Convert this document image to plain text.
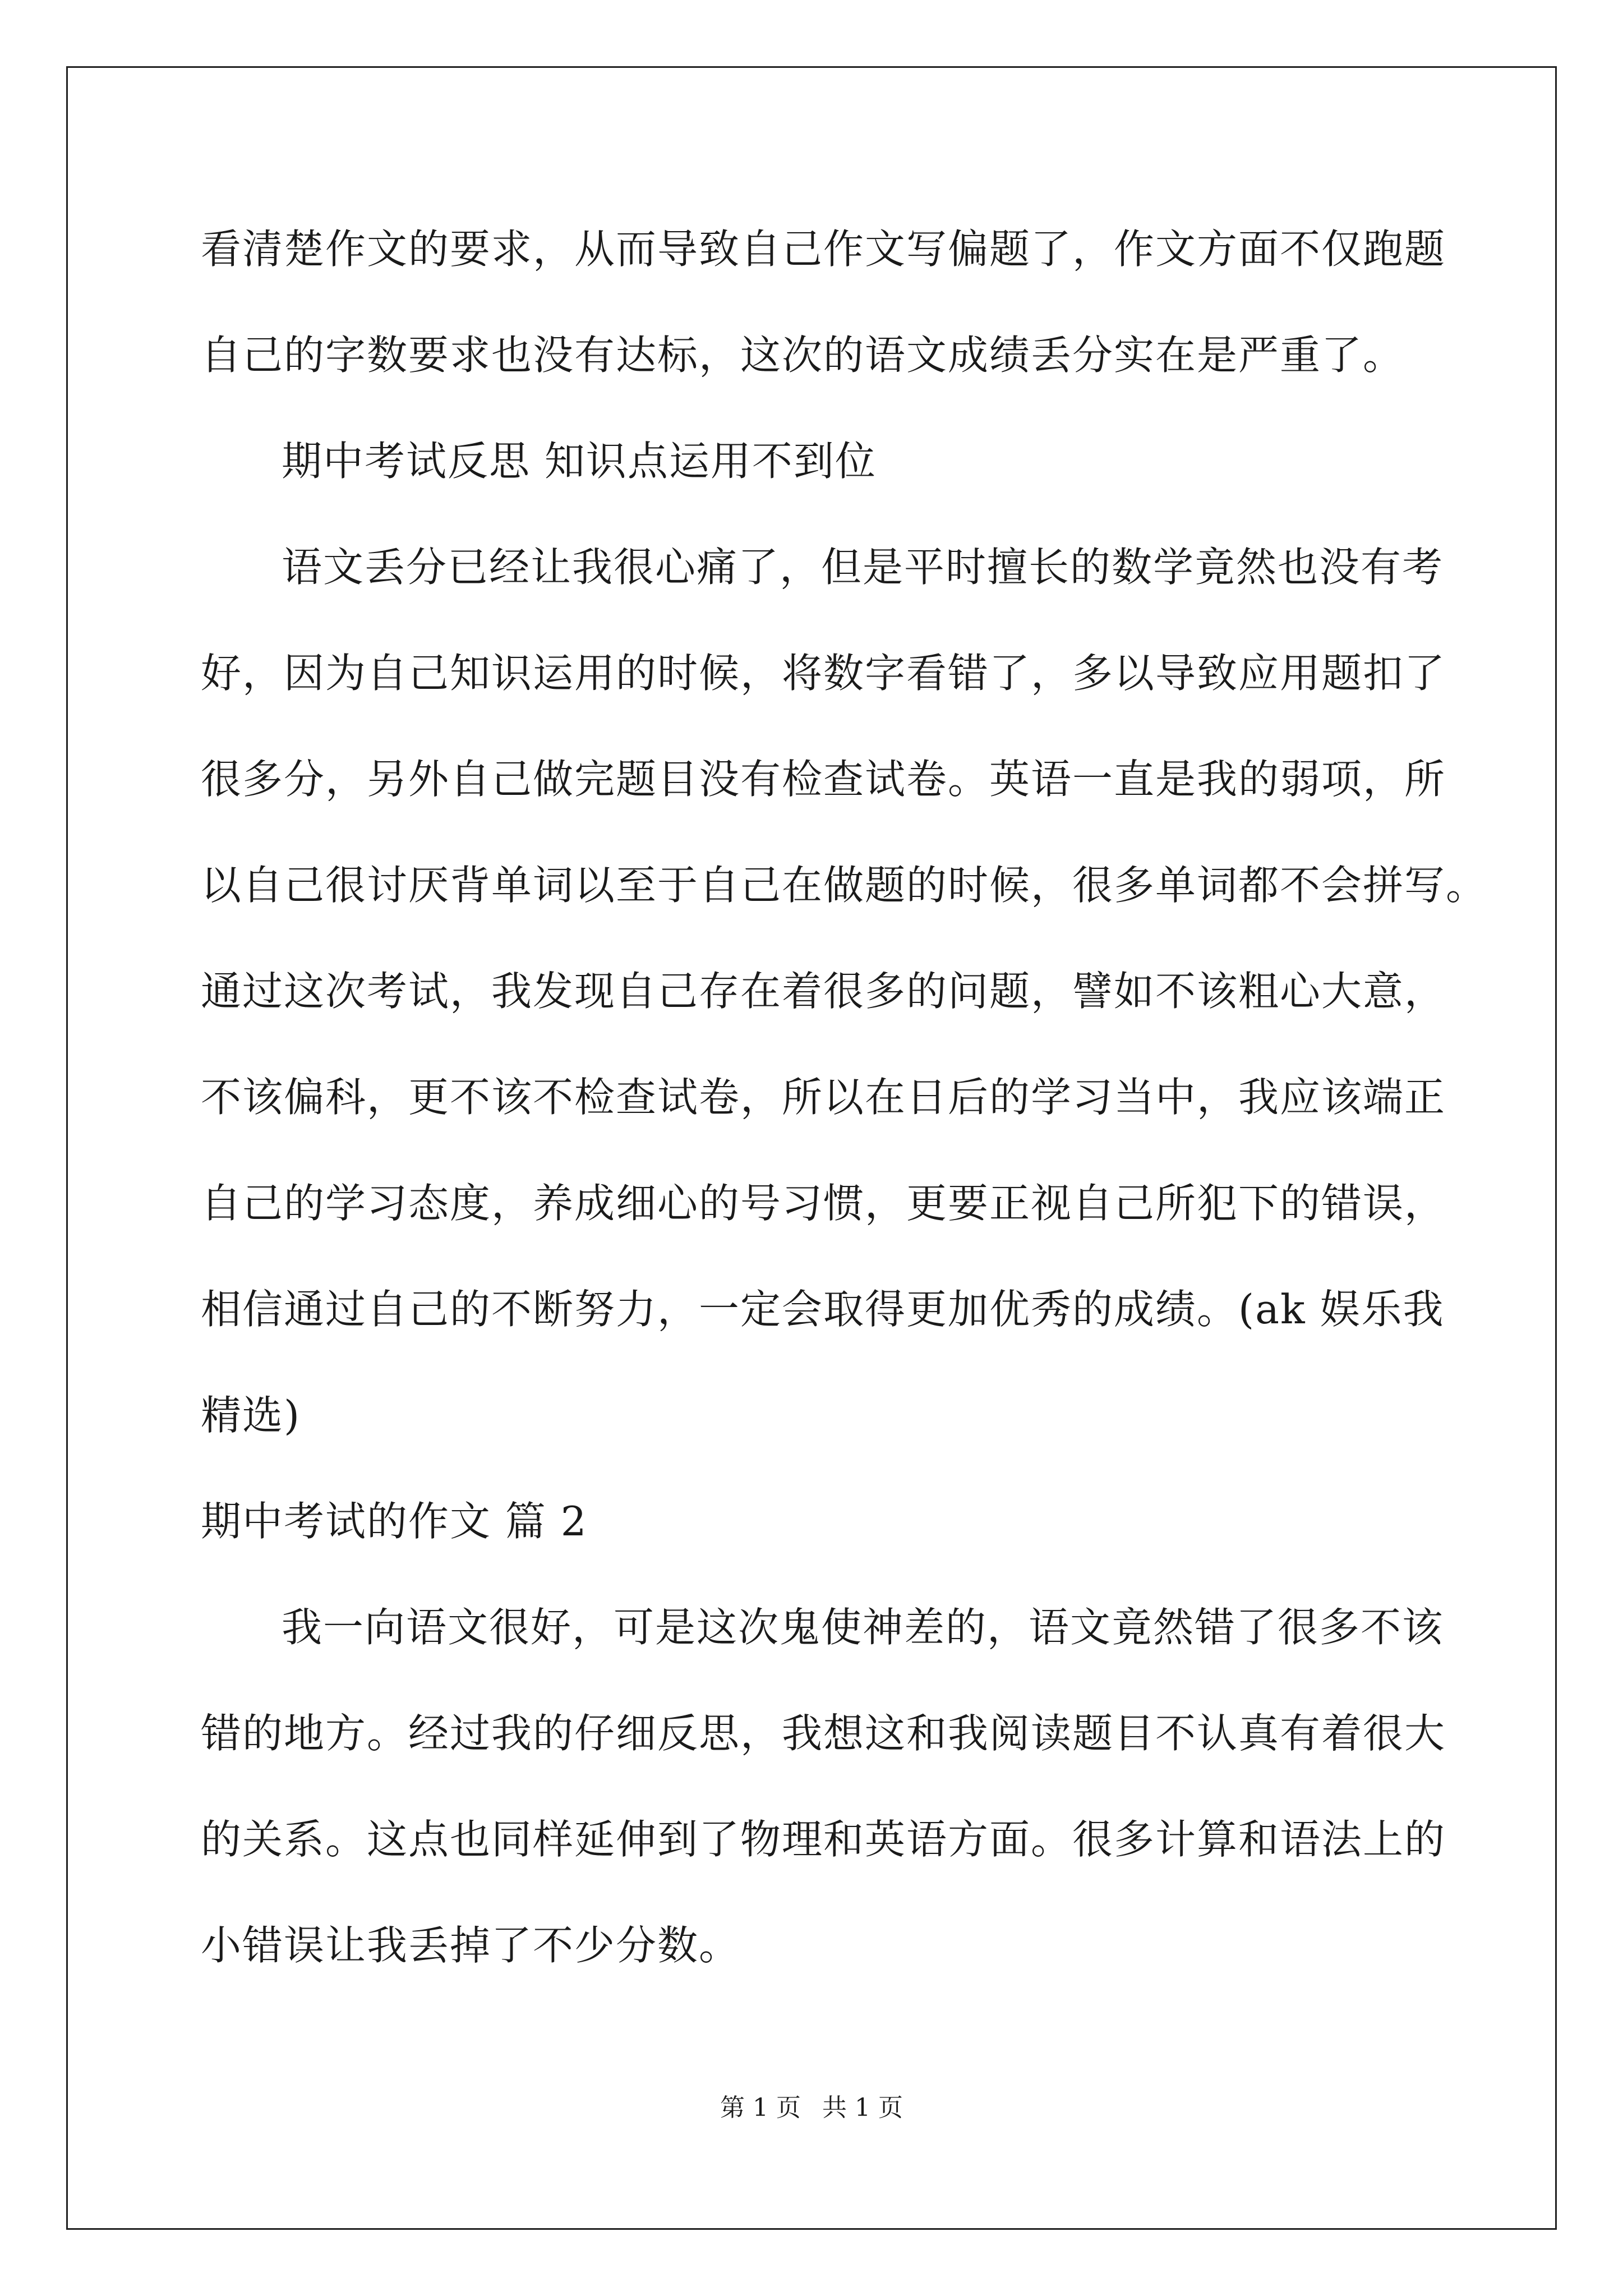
看清楚作文的要求，从而导致自己作文写偏题了，作文方面不仅跑题

自己的字数要求也没有达标，这次的语文成绩丢分实在是严重了。

期中考试反思 知识点运用不到位

语文丢分已经让我很心痛了，但是平时擅长的数学竟然也没有考

好，因为自己知识运用的时候，将数字看错了，多以导致应用题扣了

很多分，另外自己做完题目没有检查试卷。英语一直是我的弱项，所

以自己很讨厌背单词以至于自己在做题的时候，很多单词都不会拼写。

通过这次考试，我发现自己存在着很多的问题，譬如不该粗心大意，

不该偏科，更不该不检查试卷，所以在日后的学习当中，我应该端正

自己的学习态度，养成细心的号习惯，更要正视自己所犯下的错误，

相信通过自己的不断努力，一定会取得更加优秀的成绩。(ak 娱乐我

精选)

期中考试的作文 篇 2

我一向语文很好，可是这次鬼使神差的，语文竟然错了很多不该

错的地方。经过我的仔细反思，我想这和我阅读题目不认真有着很大

的关系。这点也同样延伸到了物理和英语方面。很多计算和语法上的

小错误让我丢掉了不少分数。

第 1 页 共 1 页
